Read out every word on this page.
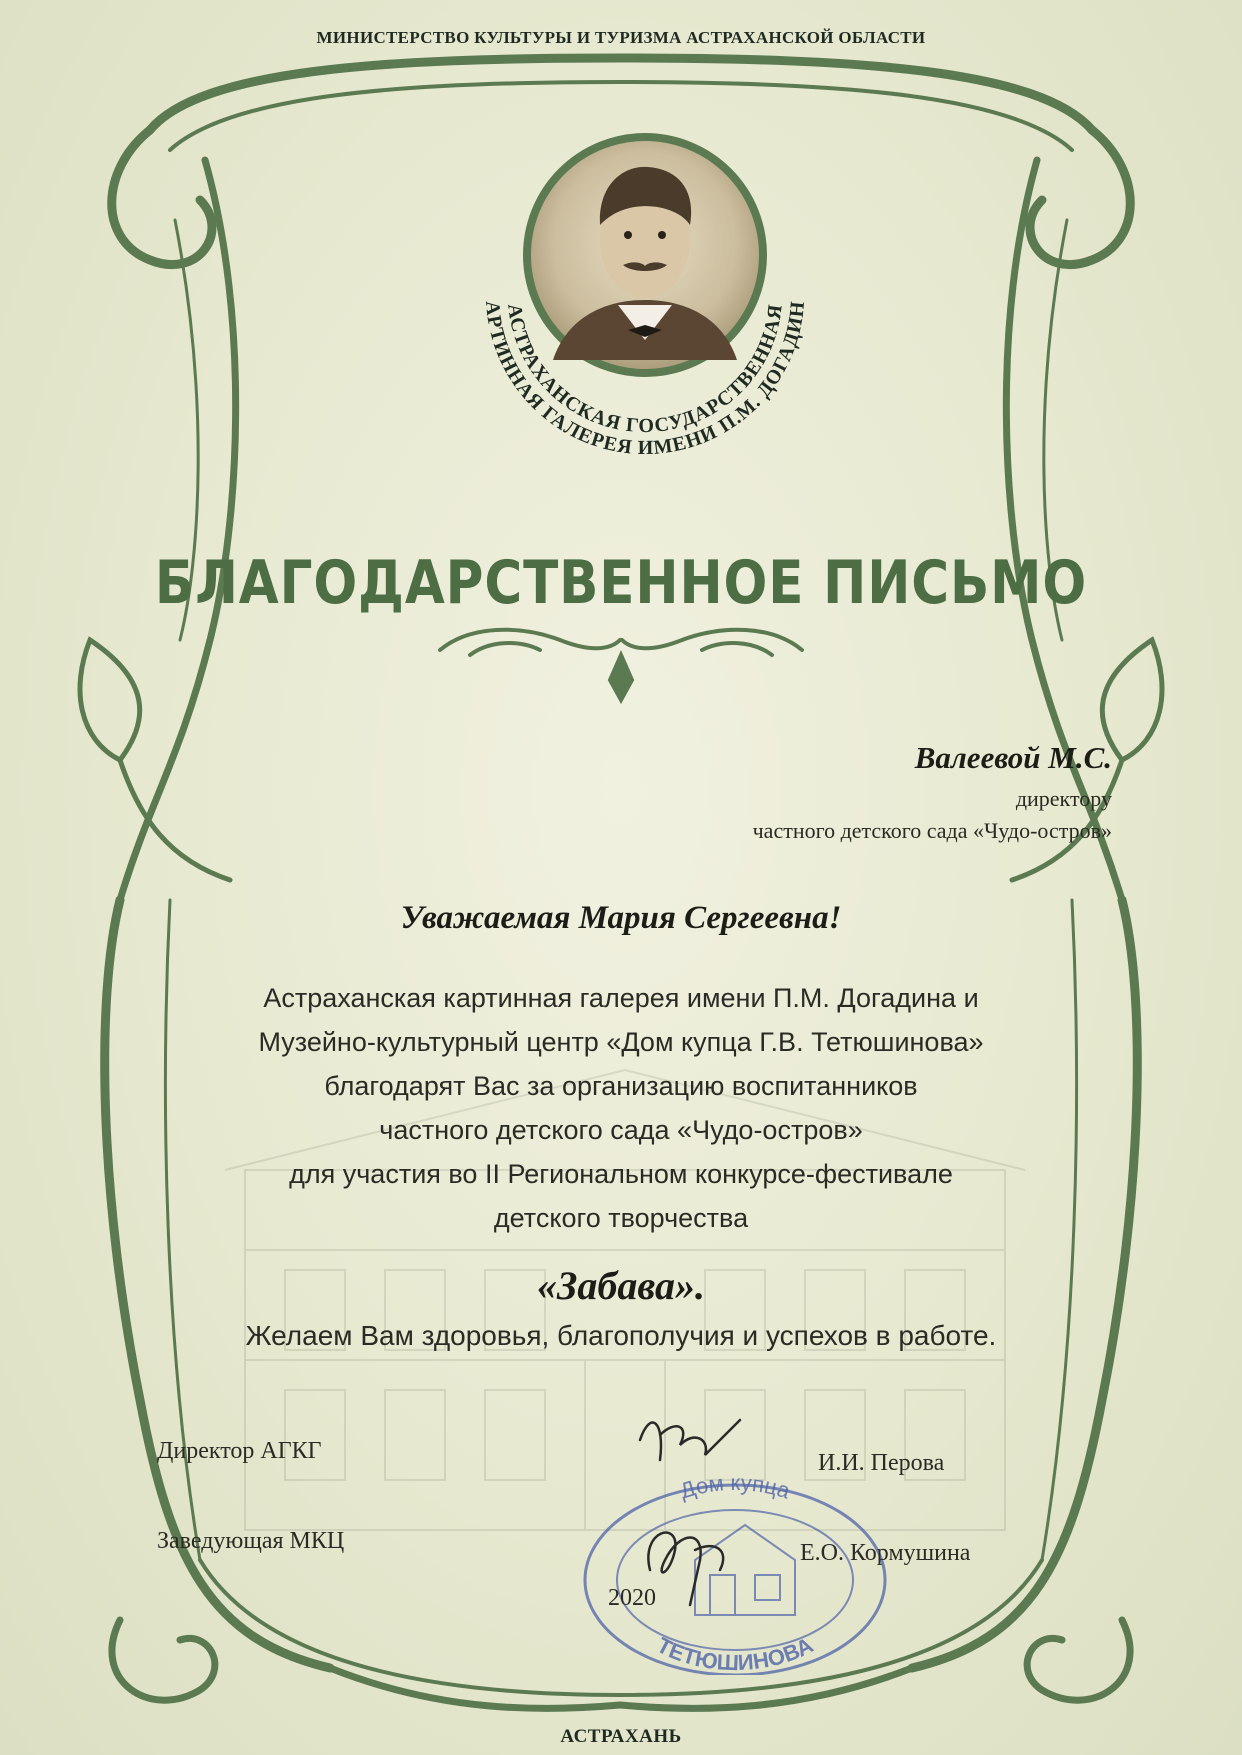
МИНИСТЕРСТВО КУЛЬТУРЫ И ТУРИЗМА АСТРАХАНСКОЙ ОБЛАСТИ
АСТРАХАНСКАЯ ГОСУДАРСТВЕННАЯ
АРТИННАЯ ГАЛЕРЕЯ ИМЕНИ П.М. ДОГАДИН
БЛАГОДАРСТВЕННОЕ ПИСЬМО
Валеевой М.С.
директору
частного детского сада «Чудо-остров»
Уважаемая Мария Сергеевна!
Астраханская картинная галерея имени П.М. Догадина и
Музейно-культурный центр «Дом купца Г.В. Тетюшинова»
благодарят Вас за организацию воспитанников
частного детского сада «Чудо-остров»
для участия во II Региональном конкурсе-фестивале
детского творчества
«Забава».
Желаем Вам здоровья, благополучия и успехов в работе.
Дом купца
ТЕТЮШИНОВА
Директор АГКГ	И.И. Перова
Заведующая МКЦ	Е.О. Кормушина
2020
АСТРАХАНЬ
